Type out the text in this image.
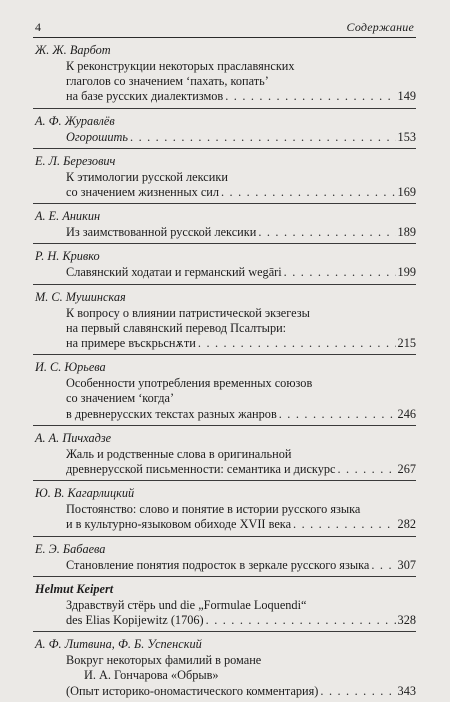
4	Содержание
Ж. Ж. Варбот
К реконструкции некоторых праславянских
глаголов со значением ‘пахать, копать’
на базе русских диалектизмов . . .	149
А. Ф. Журавлёв
Огорошить . . .	153
Е. Л. Березович
К этимологии русской лексики
со значением жизненных сил . . .	169
А. Е. Аникин
Из заимствованной русской лексики . . .	189
Р. Н. Кривко
Славянский ходатаи и германский wegāri . . .	199
М. С. Мушинская
К вопросу о влиянии патристической экзегезы
на первый славянский перевод Псалтыри:
на примере въскрьснѫти . . .	215
И. С. Юрьева
Особенности употребления временных союзов
со значением ‘когда’
в древнерусских текстах разных жанров . . .	246
А. А. Пичхадзе
Жаль и родственные слова в оригинальной
древнерусской письменности: семантика и дискурс . . .	267
Ю. В. Кагарлицкий
Постоянство: слово и понятие в истории русского языка
и в культурно-языковом обиходе XVII века . . .	282
Е. Э. Бабаева
Становление понятия подросток в зеркале русского языка . . . 307
Helmut Keipert
Здравствуй стёрь und die „Formulae Loquendi“
des Elias Kopijewitz (1706) . . .	328
А. Ф. Литвина, Ф. Б. Успенский
Вокруг некоторых фамилий в романе
И. А. Гончарова «Обрыв»
(Опыт историко-ономастического комментария) . . .	343
